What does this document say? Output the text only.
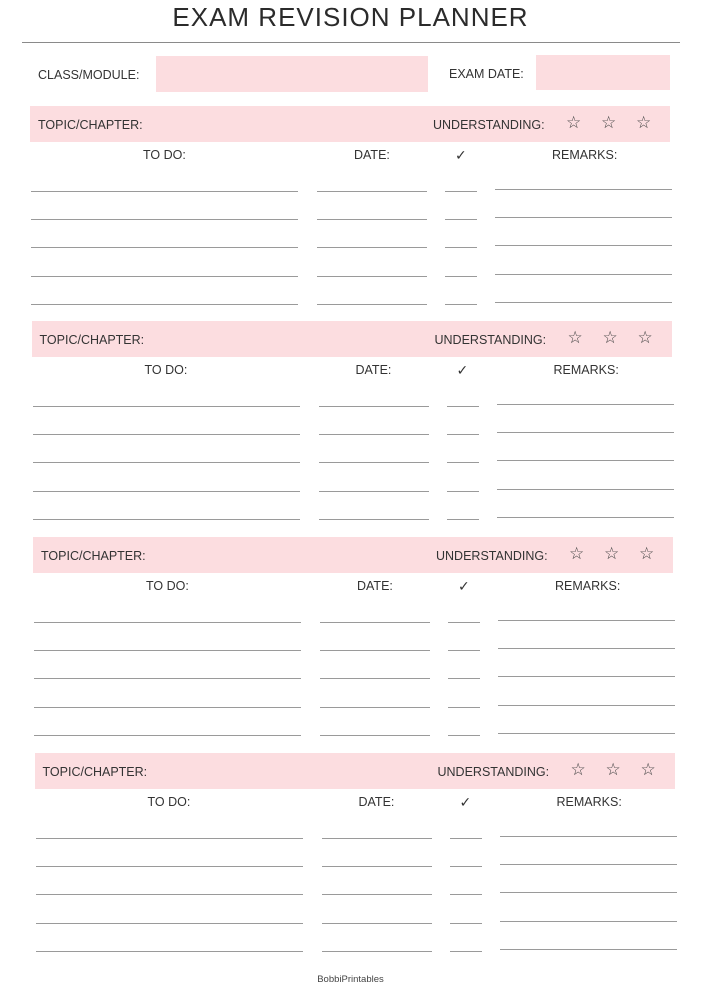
EXAM REVISION PLANNER
CLASS/MODULE:	EXAM DATE:
TOPIC/CHAPTER:	UNDERSTANDING: ☆ ☆ ☆
TO DO:	DATE:	✓	REMARKS:
TOPIC/CHAPTER:	UNDERSTANDING: ☆ ☆ ☆
TO DO:	DATE:	✓	REMARKS:
TOPIC/CHAPTER:	UNDERSTANDING: ☆ ☆ ☆
TO DO:	DATE:	✓	REMARKS:
TOPIC/CHAPTER:	UNDERSTANDING: ☆ ☆ ☆
TO DO:	DATE:	✓	REMARKS:
BobbiPrintables
